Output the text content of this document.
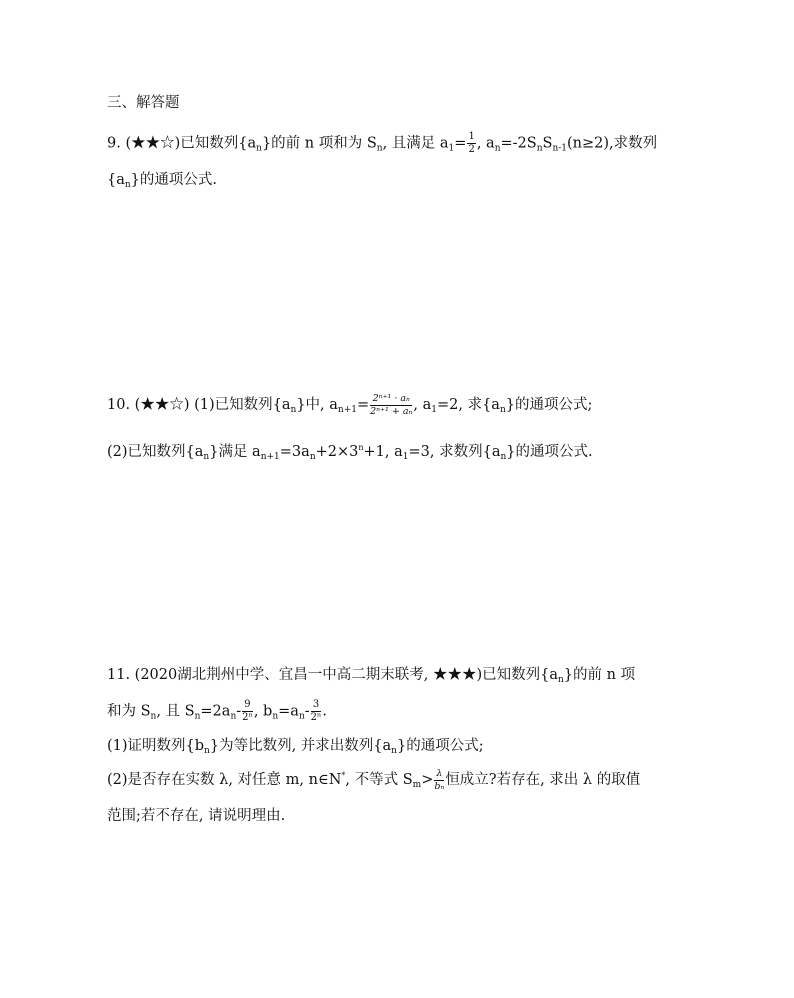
三、解答题
9. (★★☆)已知数列$\{a_n\}$的前 n 项和为 $S_n$, 且满足 $a_1= \frac{1}{2}$ , $a_n=-2S_nS_{n-1}(n\ge 2)$,求数列
$\{a_n\}$的通项公式.
10. (★★☆) (1)已知数列$\{a_n\}$中, $a_{n+1}= \frac{\text{2ⁿ⁺¹ · aₙ}}{\text{2ⁿ⁺¹ + aₙ}}$ , $a_1=2$, 求$\{a_n\}$的通项公式;
(2)已知数列$\{a_n\}$满足 $a_{n+1}=3a_n+2\times 3^n+1$, $a_1=3$, 求数列$\{a_n\}$的通项公式.
11. (2020湖北荆州中学、宜昌一中高二期末联考, ★★★)已知数列$\{a_n\}$的前 n 项
和为 $S_n$, 且 $S_n=2a_n- \frac{9}{\text{2ⁿ}}$ , $b_n=a_n- \frac{3}{\text{2ⁿ}}$ .
(1)证明数列$\{b_n\}$为等比数列, 并求出数列$\{a_n\}$的通项公式;
(2)是否存在实数 λ, 对任意 m, n∈N*, 不等式 $S_m> \frac{\lambda}{\text{bₙ}}$ 恒成立?若存在, 求出 λ 的取值
范围;若不存在, 请说明理由.
